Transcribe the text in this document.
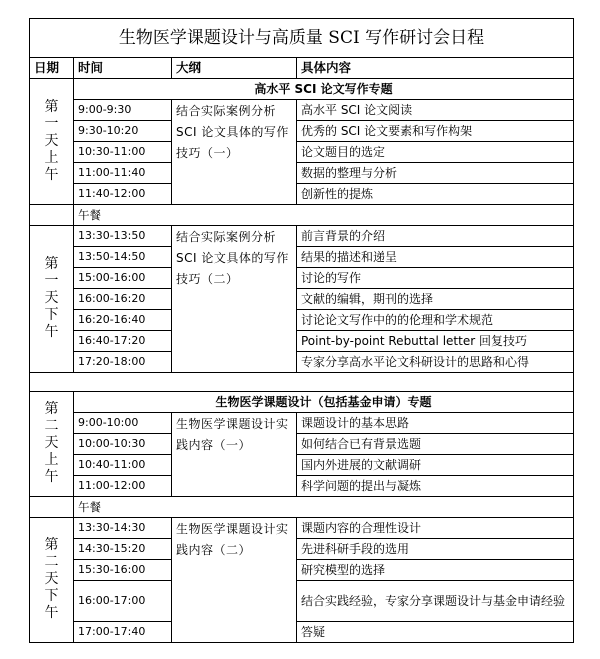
生物医学课题设计与高质量 SCI 写作研讨会日程			
日期	时间	大纲	具体内容
第一天上午	高水平 SCI 论文写作专题		
	9:00-9:30	结合实际案例分析 SCI 论文具体的写作技巧（一）	高水平 SCI 论文阅读
	9:30-10:20		优秀的 SCI 论文要素和写作构架
	10:30-11:00		论文题目的选定
	11:00-11:40		数据的整理与分析
	11:40-12:00		创新性的提炼
	午餐		
第一天下午	13:30-13:50	结合实际案例分析 SCI 论文具体的写作技巧（二）	前言背景的介绍
	13:50-14:50		结果的描述和递呈
	15:00-16:00		讨论的写作
	16:00-16:20		文献的编辑，期刊的选择
	16:20-16:40		讨论论文写作中的的伦理和学术规范
	16:40-17:20		Point-by-point Rebuttal letter 回复技巧
	17:20-18:00		专家分享高水平论文科研设计的思路和心得

第二天上午	生物医学课题设计（包括基金申请）专题		
	9:00-10:00	生物医学课题设计实践内容（一）	课题设计的基本思路
	10:00-10:30		如何结合已有背景选题
	10:40-11:00		国内外进展的文献调研
	11:00-12:00		科学问题的提出与凝炼
	午餐		
第二天下午	13:30-14:30	生物医学课题设计实践内容（二）	课题内容的合理性设计
	14:30-15:20		先进科研手段的选用
	15:30-16:00		研究模型的选择
	16:00-17:00		结合实践经验，专家分享课题设计与基金申请经验
	17:00-17:40		答疑
